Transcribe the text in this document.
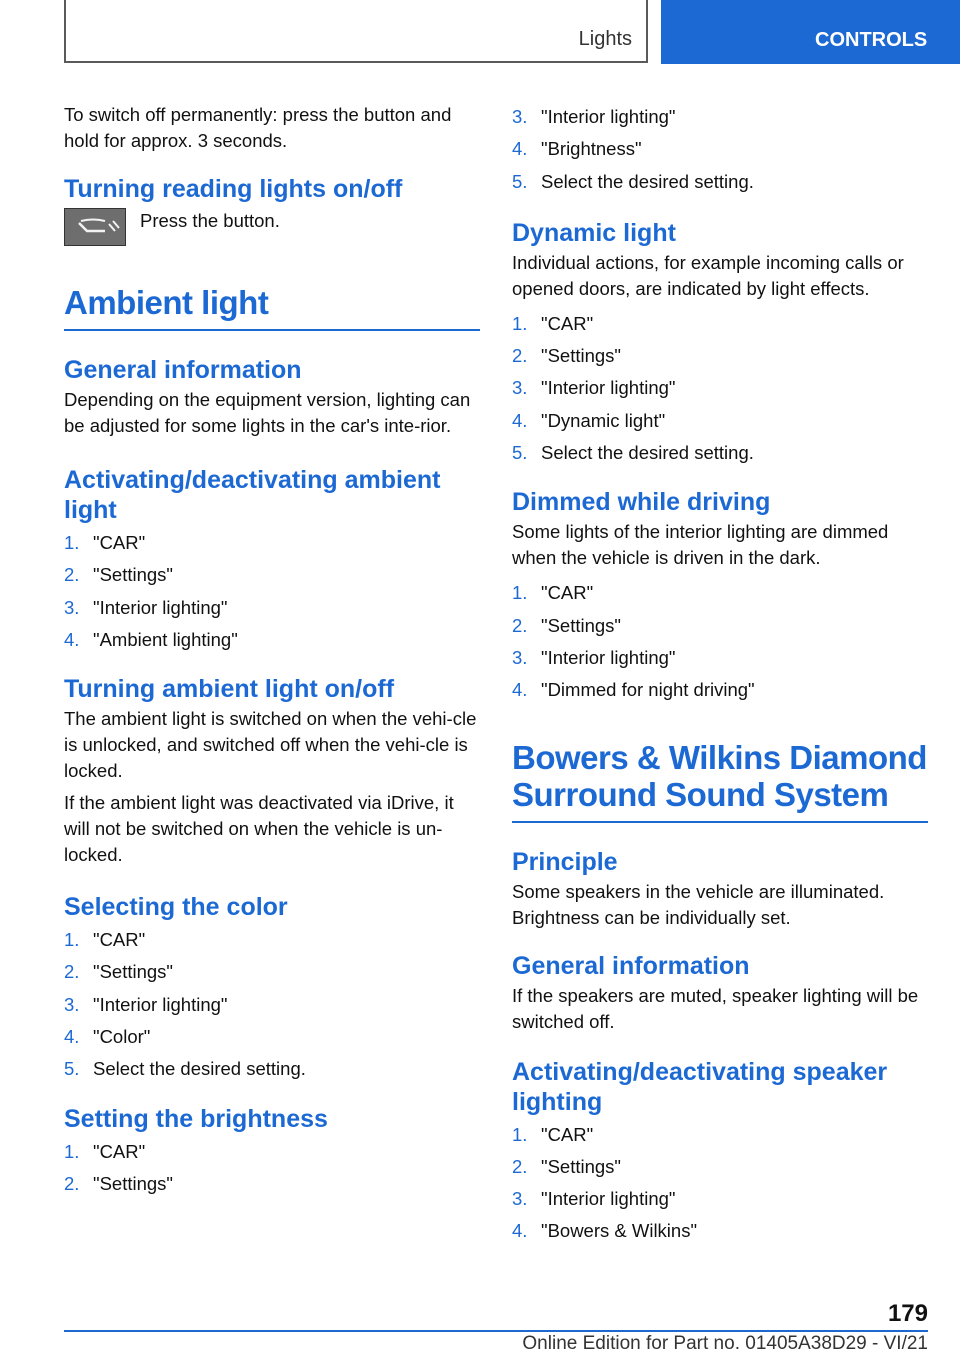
Lights	CONTROLS

To switch off permanently: press the button and hold for approx. 3 seconds.

Turning reading lights on/off

Press the button.

Ambient light
General information

Depending on the equipment version, lighting can be adjusted for some lights in the car's inte-rior.

Activating/deactivating ambient light
1. "CAR"
2. "Settings"
3. "Interior lighting"
4. "Ambient lighting"
Turning ambient light on/off

The ambient light is switched on when the vehi-cle is unlocked, and switched off when the vehi-cle is locked.

If the ambient light was deactivated via iDrive, it will not be switched on when the vehicle is un-locked.

Selecting the color
1. "CAR"
2. "Settings"
3. "Interior lighting"
4. "Color"
5. Select the desired setting.
Setting the brightness
1. "CAR"
2. "Settings"
3. "Interior lighting"
4. "Brightness"
5. Select the desired setting.
Dynamic light

Individual actions, for example incoming calls or opened doors, are indicated by light effects.

1. "CAR"
2. "Settings"
3. "Interior lighting"
4. "Dynamic light"
5. Select the desired setting.
Dimmed while driving

Some lights of the interior lighting are dimmed when the vehicle is driven in the dark.

1. "CAR"
2. "Settings"
3. "Interior lighting"
4. "Dimmed for night driving"
Bowers & Wilkins Diamond Surround Sound System
Principle

Some speakers in the vehicle are illuminated. Brightness can be individually set.

General information

If the speakers are muted, speaker lighting will be switched off.

Activating/deactivating speaker lighting
1. "CAR"
2. "Settings"
3. "Interior lighting"
4. "Bowers & Wilkins"
179
Online Edition for Part no. 01405A38D29 - VI/21
